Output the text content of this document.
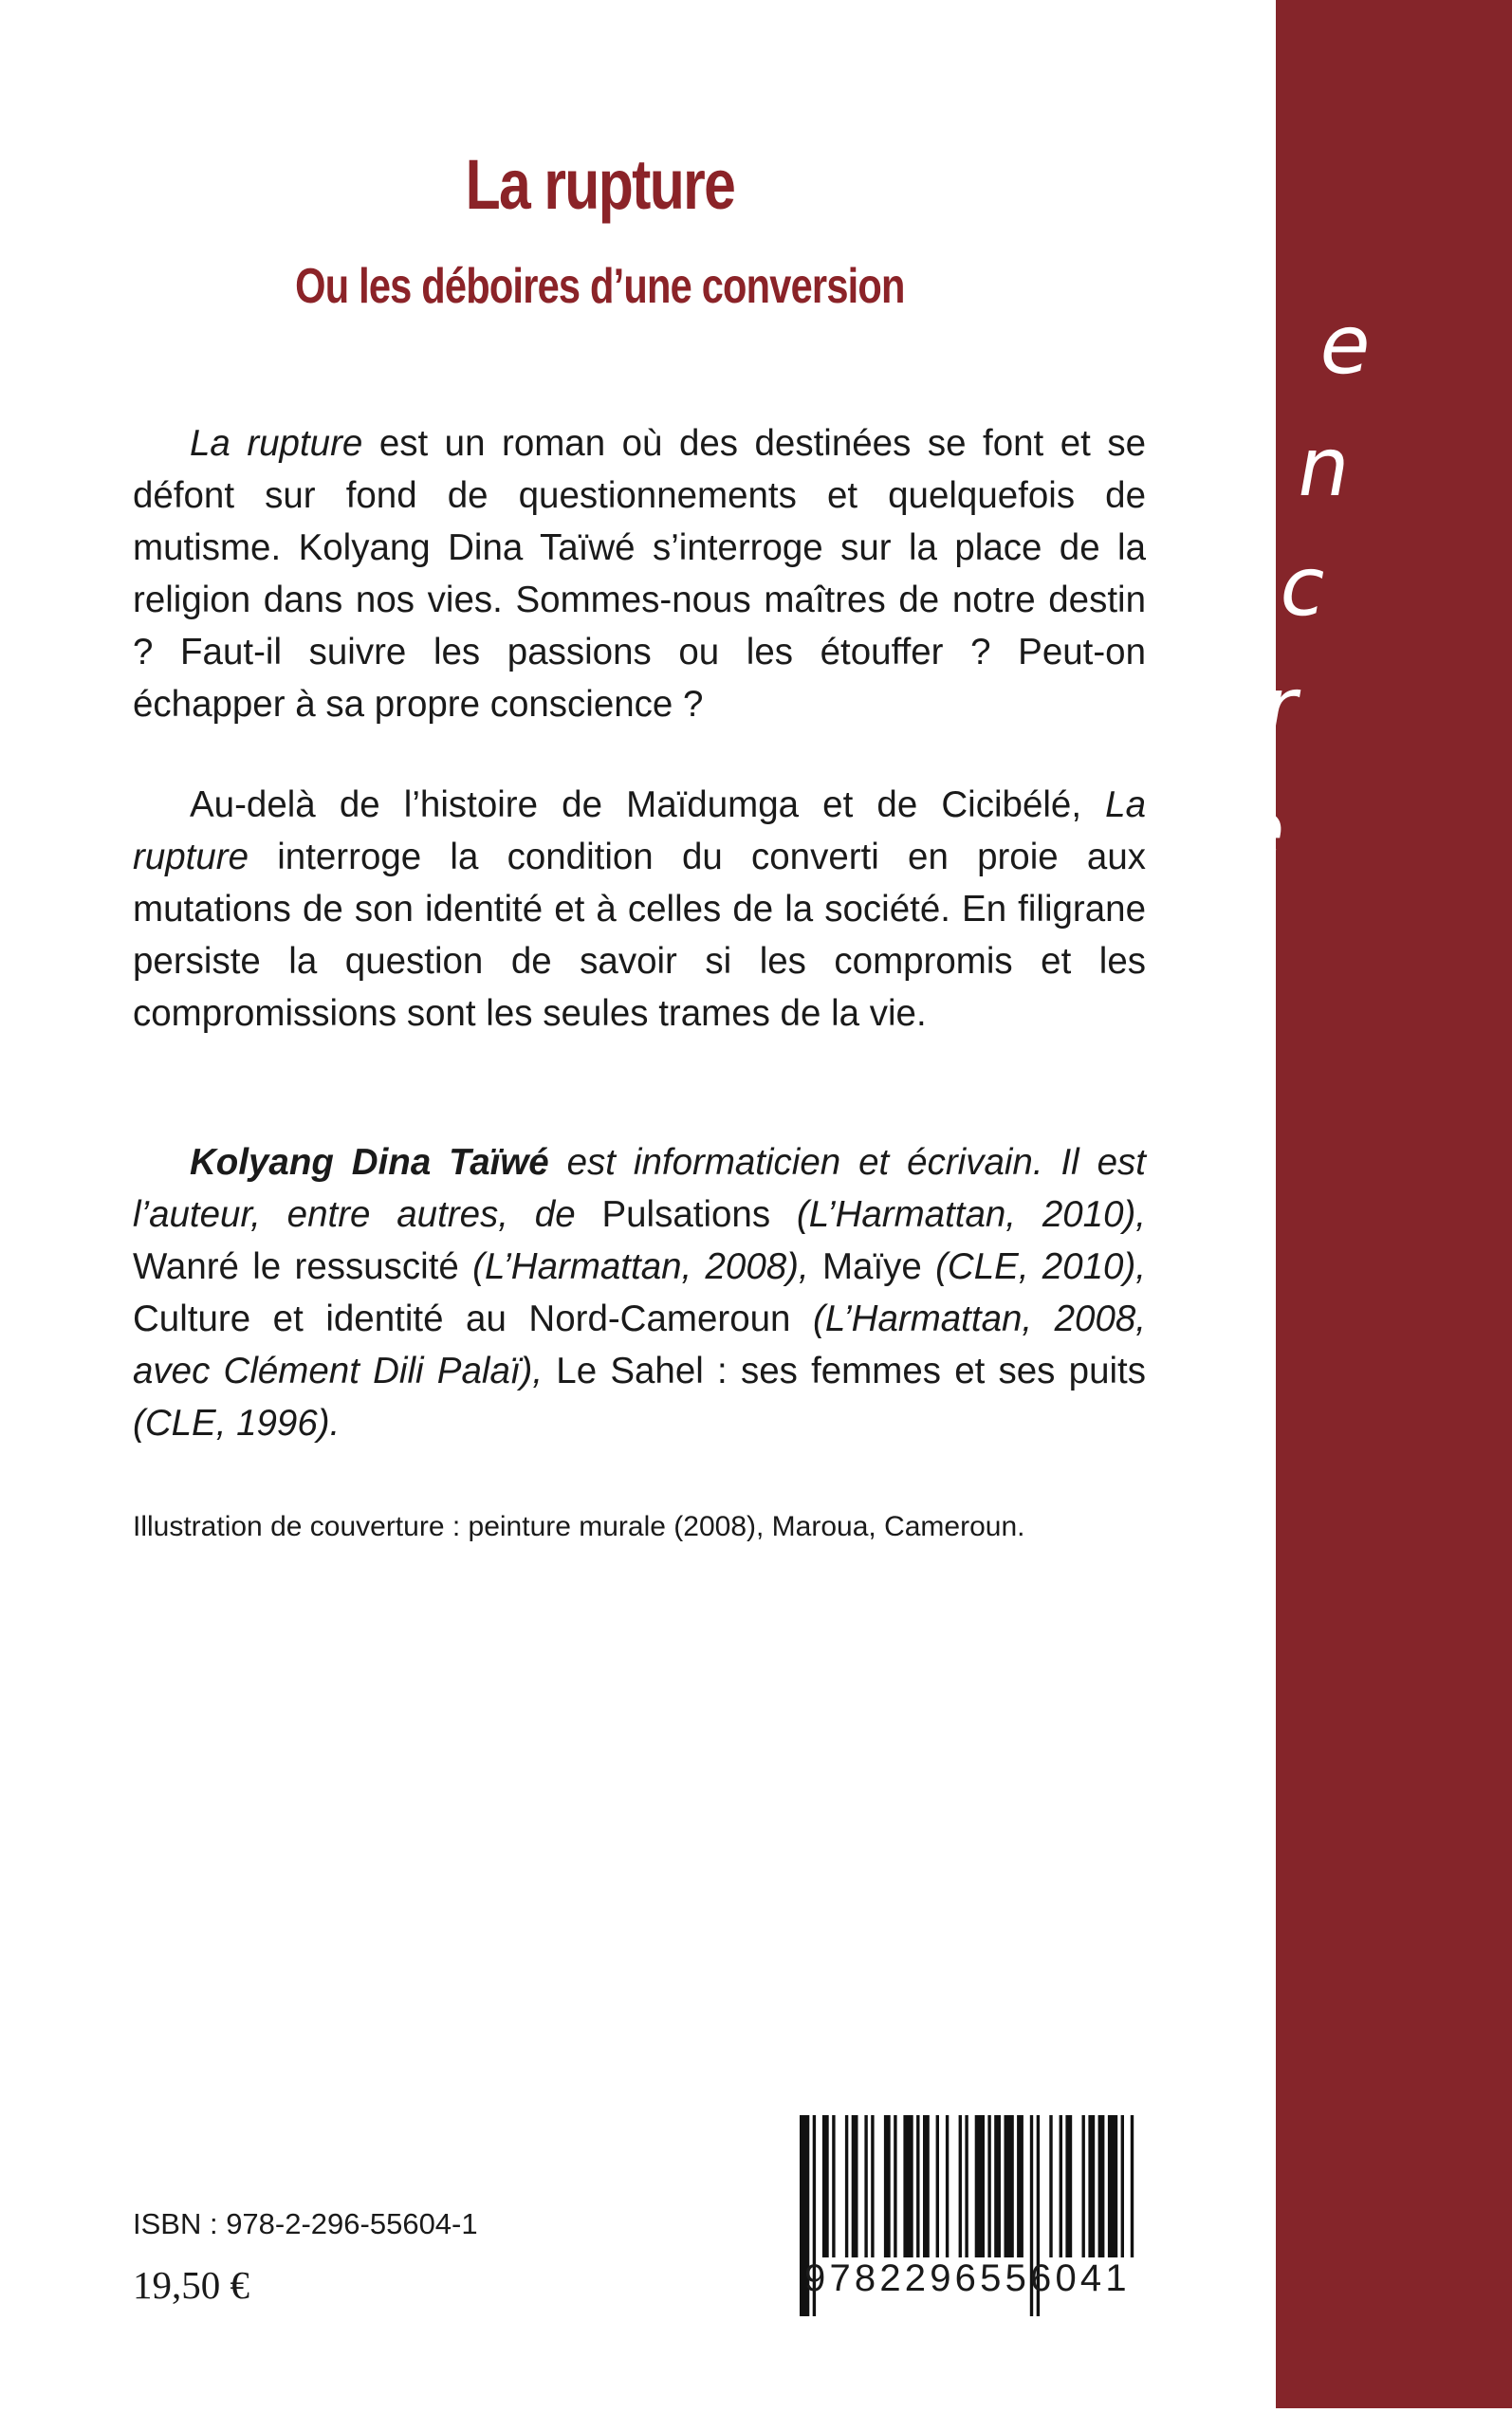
La rupture
Ou les déboires d’une conversion

La rupture est un roman où des destinées se font et se défont sur fond de questionnements et quelquefois de mutisme. Kolyang Dina Taïwé s’interroge sur la place de la religion dans nos vies. Sommes-nous maîtres de notre destin ? Faut-il suivre les passions ou les étouffer ? Peut-on échapper à sa propre conscience ?

Au-delà de l’histoire de Maïdumga et de Cicibélé, La rupture interroge la condition du converti en proie aux mutations de son identité et à celles de la société. En filigrane persiste la question de savoir si les compromis et les compromissions sont les seules trames de la vie.

Kolyang Dina Taïwé est informaticien et écrivain. Il est l’auteur, entre autres, de Pulsations (L’Harmattan, 2010), Wanré le ressuscité (L’Harmattan, 2008), Maïye (CLE, 2010), Culture et identité au Nord-Cameroun (L’Harmattan, 2008, avec Clément Dili Palaï), Le Sahel : ses femmes et ses puits (CLE, 1996).

Illustration de couverture : peinture murale (2008), Maroua, Cameroun.
ISBN : 978-2-296-55604-1
19,50 €	9782296556041
e
n
c
r
e
s
n
o
i
r
e
s
